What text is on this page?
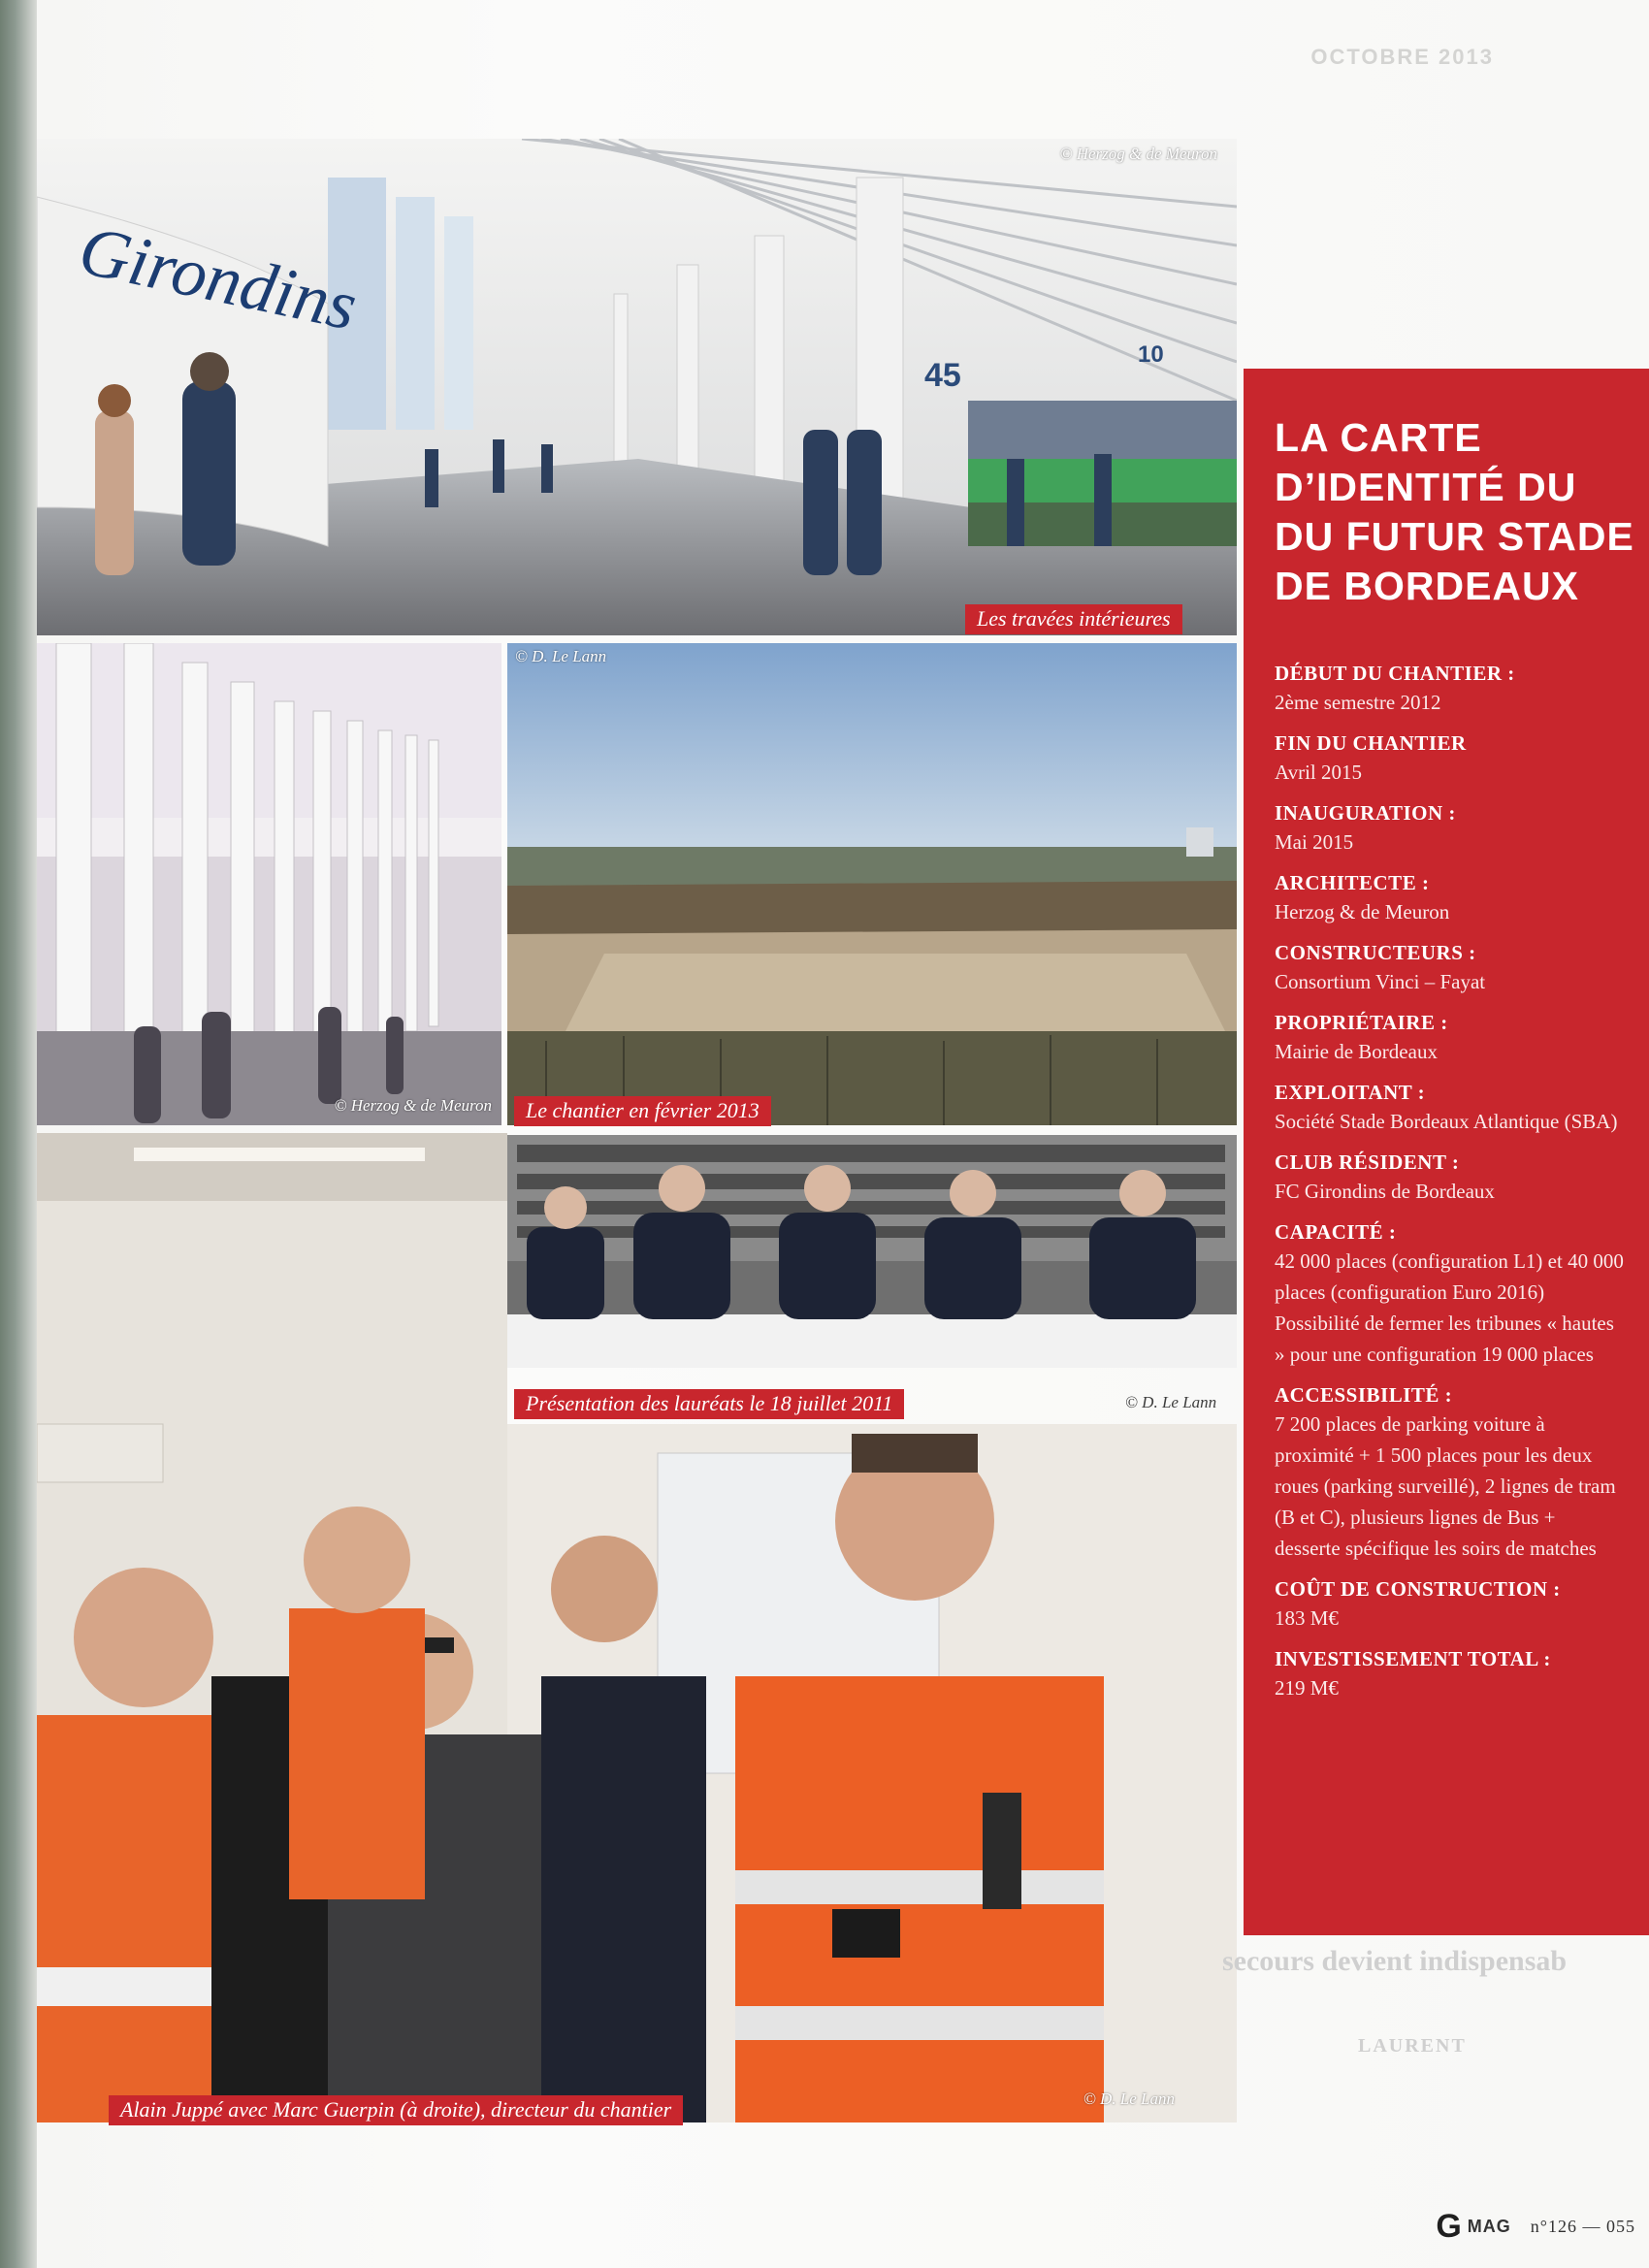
OCTOBRE 2013
Girondins
45
10
© Herzog & de Meuron
Les travées intérieures
© Herzog & de Meuron
© D. Le Lann
Le chantier en février 2013
Présentation des lauréats le 18 juillet 2011	© D. Le Lann
© D. Le Lann
Alain Juppé avec Marc Guerpin (à droite), directeur du chantier
secours devient indispensab
LAURENT
LA CARTE
D’IDENTITÉ DU
DU FUTUR STADE
DE BORDEAUX
DÉBUT DU CHANTIER :

2ème semestre 2012

FIN DU CHANTIER

Avril 2015

INAUGURATION :

Mai 2015

ARCHITECTE :

Herzog & de Meuron

CONSTRUCTEURS :

Consortium Vinci – Fayat

PROPRIÉTAIRE :

Mairie de Bordeaux

EXPLOITANT :

Société Stade Bordeaux Atlantique (SBA)

CLUB RÉSIDENT :

FC Girondins de Bordeaux

CAPACITÉ :

42 000 places (configuration L1) et 40 000 places (configuration Euro 2016)

Possibilité de fermer les tribunes « hautes » pour une configuration 19 000 places

ACCESSIBILITÉ :

7 200 places de parking voiture à proximité + 1 500 places pour les deux roues (parking surveillé), 2 lignes de tram (B et C), plusieurs lignes de Bus + desserte spécifique les soirs de matches

COÛT DE CONSTRUCTION :

183 M€

INVESTISSEMENT TOTAL :

219 M€

G MAG n°126 — 055
